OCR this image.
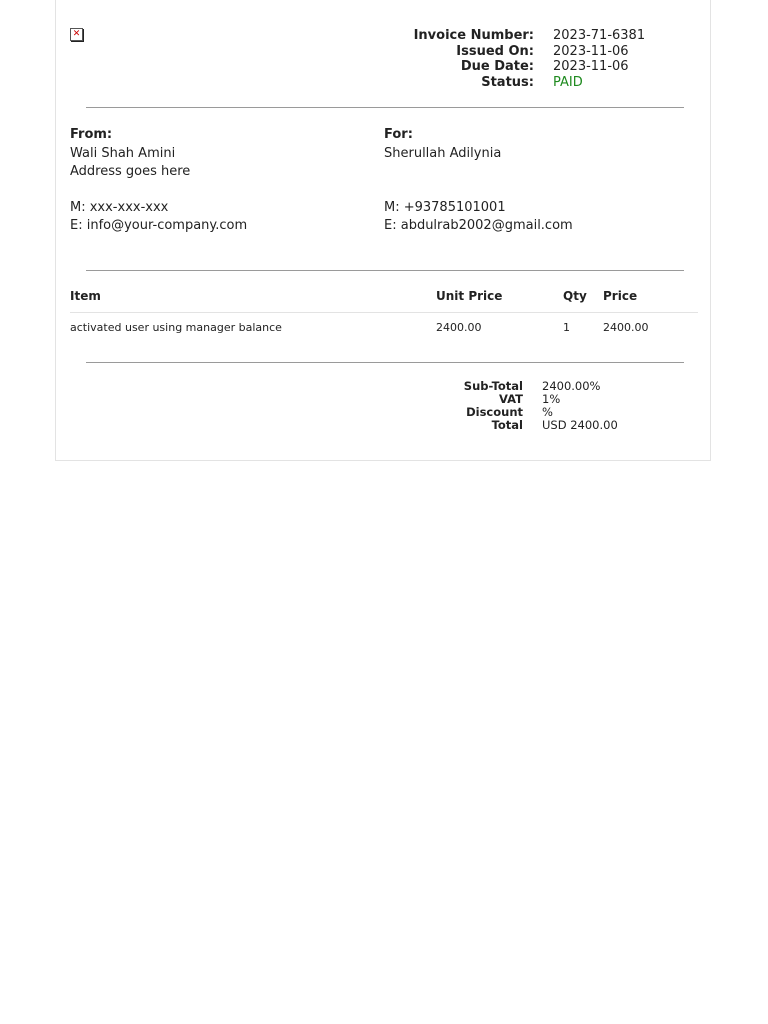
✕	Invoice Number:	2023-71-6381
Issued On:	2023-11-06
Due Date:	2023-11-06
Status:	PAID
From:
Wali Shah Amini
Address goes here
M: xxx-xxx-xxx
E: info@your-company.com
For:
Sherullah Adilynia
M: +93785101001
E: abdulrab2002@gmail.com
Item	Unit Price	Qty	Price
activated user using manager balance	2400.00	1	2400.00
Sub-Total	2400.00%
VAT	1%
Discount	%
Total	USD 2400.00
